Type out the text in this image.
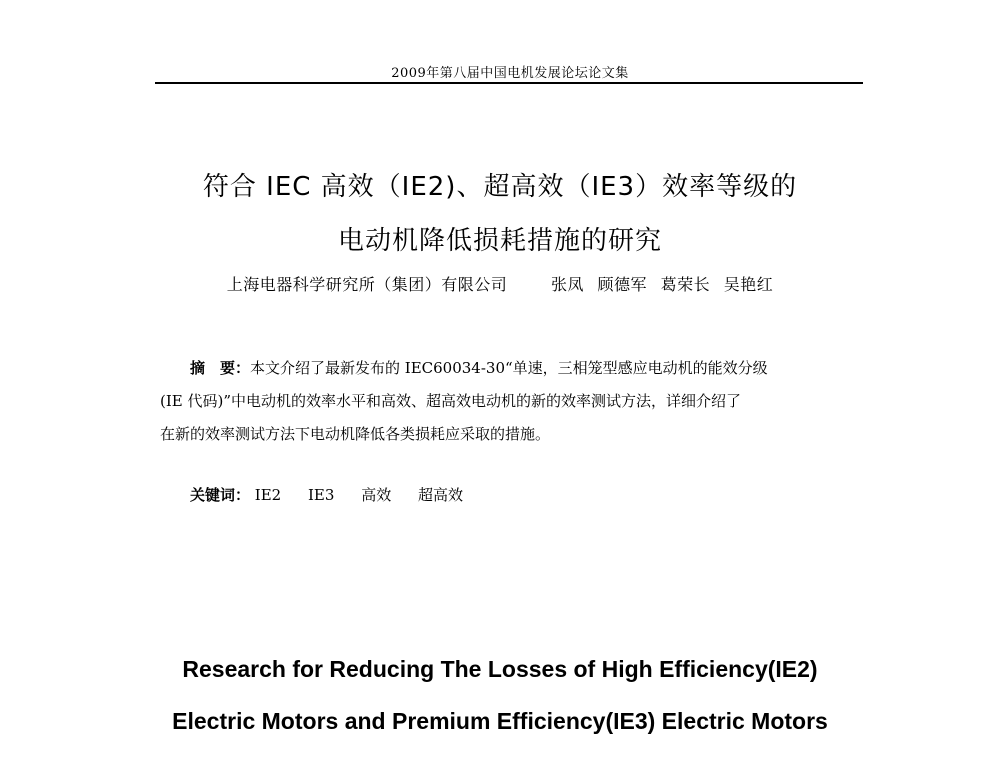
2009年第八届中国电机发展论坛论文集
符合 IEC 高效（IE2)、超高效（IE3）效率等级的
电动机降低损耗措施的研究
上海电器科学研究所（集团）有限公司 　	张凤 顾德军 葛荣长 吴艳红

摘　要：本文介绍了最新发布的 IEC60034-30“单速，三相笼型感应电动机的能效分级

(IE 代码)”中电动机的效率水平和高效、超高效电动机的新的效率测试方法，详细介绍了

在新的效率测试方法下电动机降低各类损耗应采取的措施。

关键词： IE2 IE3 高效 超高效
Research for Reducing The Losses of High Efficiency(IE2)
Electric Motors and Premium Efficiency(IE3) Electric Motors
